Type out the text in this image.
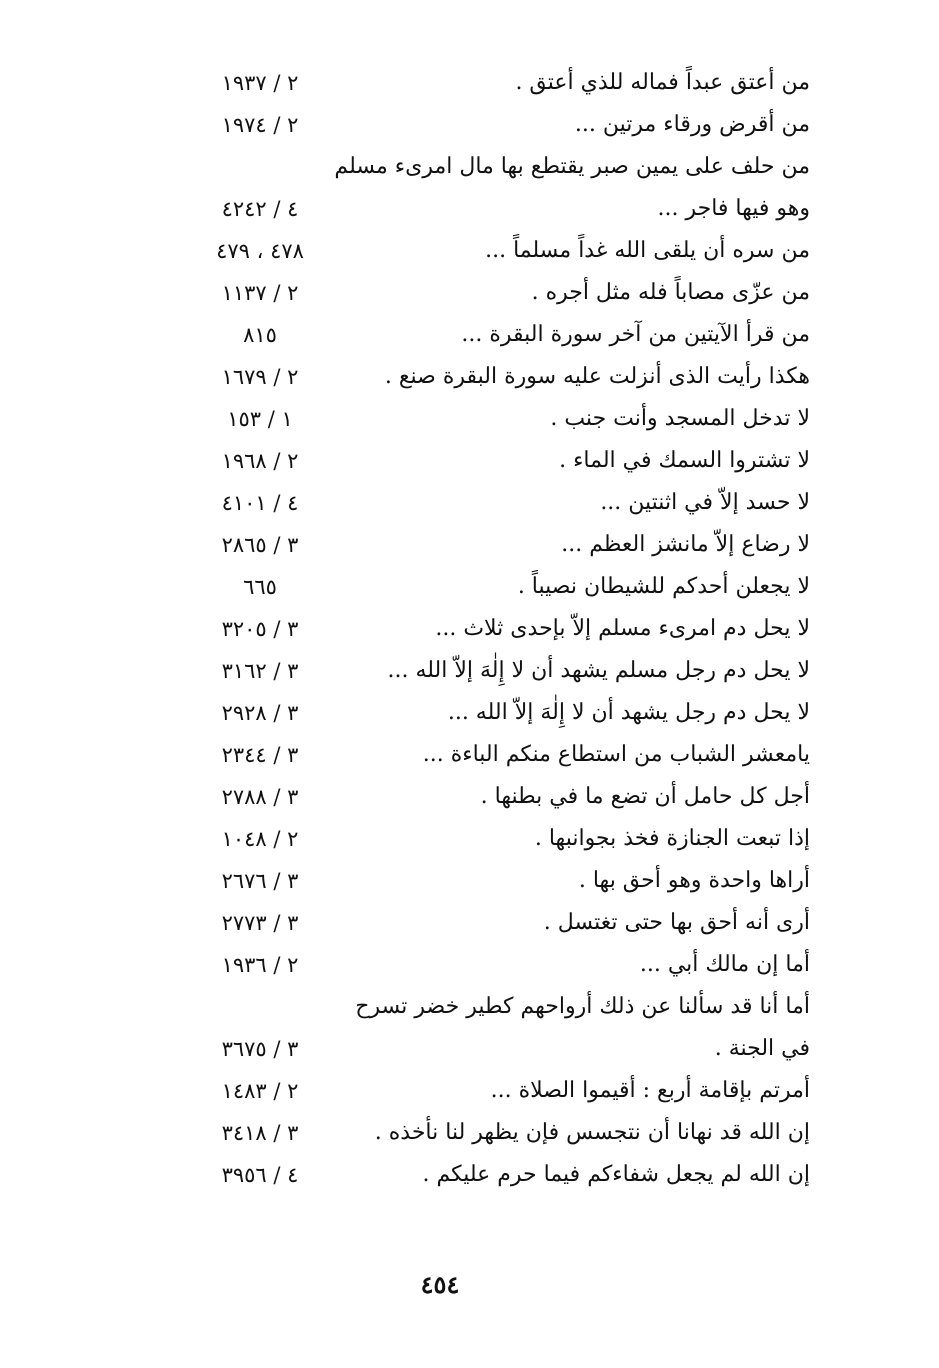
من أعتق عبداً فماله للذي أعتق .
٢ / ١٩٣٧
من أقرض ورقاء مرتين ...
٢ / ١٩٧٤
من حلف على يمين صبر يقتطع بها مال امرىء مسلم
وهو فيها فاجر ...
٤ / ٤٢٤٢
من سره أن يلقى الله غداً مسلماً ...
٤٧٨ ، ٤٧٩
من عزّى مصاباً فله مثل أجره .
٢ / ١١٣٧
من قرأ الآيتين من آخر سورة البقرة ...
٨١٥
هكذا رأيت الذى أنزلت عليه سورة البقرة صنع .
٢ / ١٦٧٩
لا تدخل المسجد وأنت جنب .
١ / ١٥٣
لا تشتروا السمك في الماء .
٢ / ١٩٦٨
لا حسد إلاّ في اثنتين ...
٤ / ٤١٠١
لا رضاع إلاّ مانشز العظم ...
٣ / ٢٨٦٥
لا يجعلن أحدكم للشيطان نصيباً .
٦٦٥
لا يحل دم امرىء مسلم إلاّ بإحدى ثلاث ...
٣ / ٣٢٠٥
لا يحل دم رجل مسلم يشهد أن لا إِلٰهَ إلاّ الله ...
٣ / ٣١٦٢
لا يحل دم رجل يشهد أن لا إِلٰهَ إلاّ الله ...
٣ / ٢٩٢٨
يامعشر الشباب من استطاع منكم الباءة ...
٣ / ٢٣٤٤
أجل كل حامل أن تضع ما في بطنها .
٣ / ٢٧٨٨
إذا تبعت الجنازة فخذ بجوانبها .
٢ / ١٠٤٨
أراها واحدة وهو أحق بها .
٣ / ٢٦٧٦
أرى أنه أحق بها حتى تغتسل .
٣ / ٢٧٧٣
أما إن مالك أبي ...
٢ / ١٩٣٦
أما أنا قد سألنا عن ذلك أرواحهم كطير خضر تسرح
في الجنة .
٣ / ٣٦٧٥
أمرتم بإقامة أربع : أقيموا الصلاة ...
٢ / ١٤٨٣
إن الله قد نهانا أن نتجسس فإن يظهر لنا نأخذه .
٣ / ٣٤١٨
إن الله لم يجعل شفاءكم فيما حرم عليكم .
٤ / ٣٩٥٦
٤٥٤
